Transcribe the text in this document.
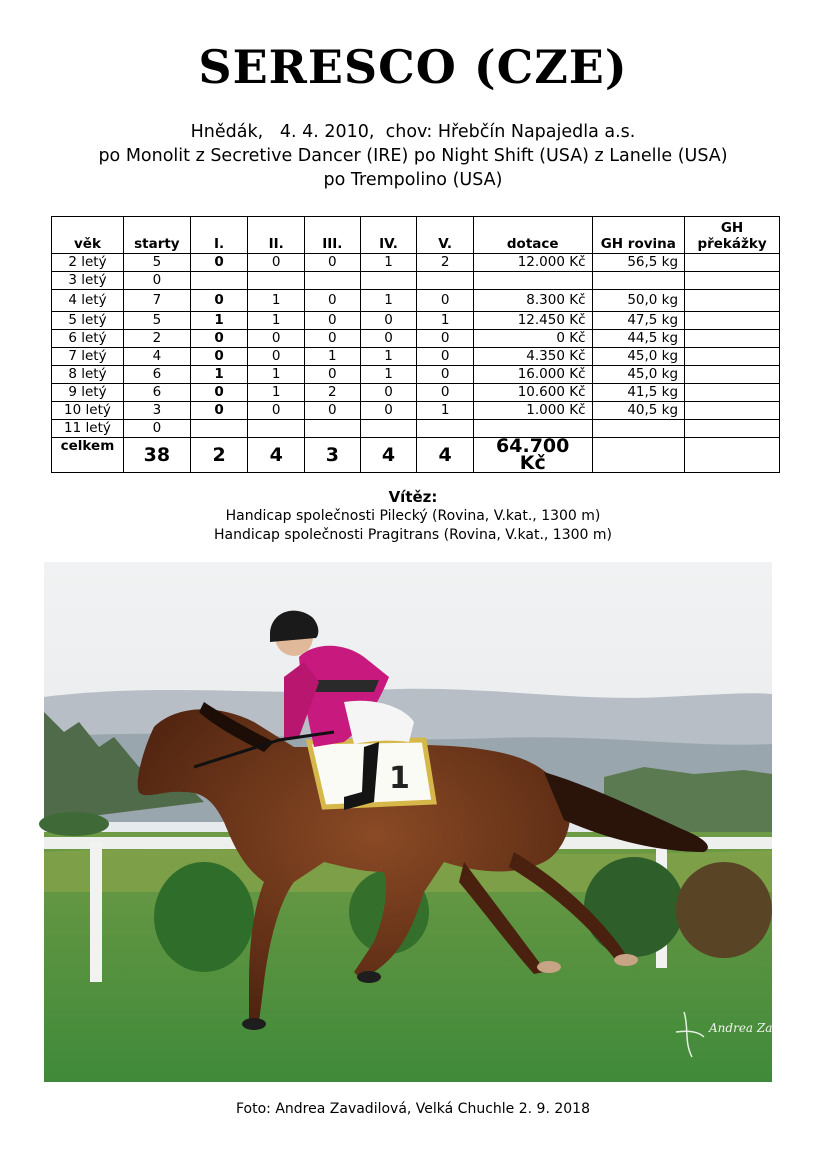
SERESCO (CZE)
Hnědák,   4. 4. 2010,  chov: Hřebčín Napajedla a.s.
po Monolit z Secretive Dancer (IRE) po Night Shift (USA) z Lanelle (USA)
po Trempolino (USA)
věk	starty	I.	II.	III.	IV.	V.	dotace	GH rovina	GH překážky
2 letý	5	0	0	0	1	2	12.000 Kč	56,5 kg	
3 letý	0								
4 letý	7	0	1	0	1	0	8.300 Kč	50,0 kg	
5 letý	5	1	1	0	0	1	12.450 Kč	47,5 kg	
6 letý	2	0	0	0	0	0	0 Kč	44,5 kg	
7 letý	4	0	0	1	1	0	4.350 Kč	45,0 kg	
8 letý	6	1	1	0	1	0	16.000 Kč	45,0 kg	
9 letý	6	0	1	2	0	0	10.600 Kč	41,5 kg	
10 letý	3	0	0	0	0	1	1.000 Kč	40,5 kg	
11 letý	0								
celkem	38	2	4	3	4	4	64.700 Kč		
Vítěz:
Handicap společnosti Pilecký (Rovina, V.kat., 1300 m)
Handicap společnosti Pragitrans (Rovina, V.kat., 1300 m)
1
Andrea Zavadilová
Foto: Andrea Zavadilová, Velká Chuchle 2. 9. 2018
